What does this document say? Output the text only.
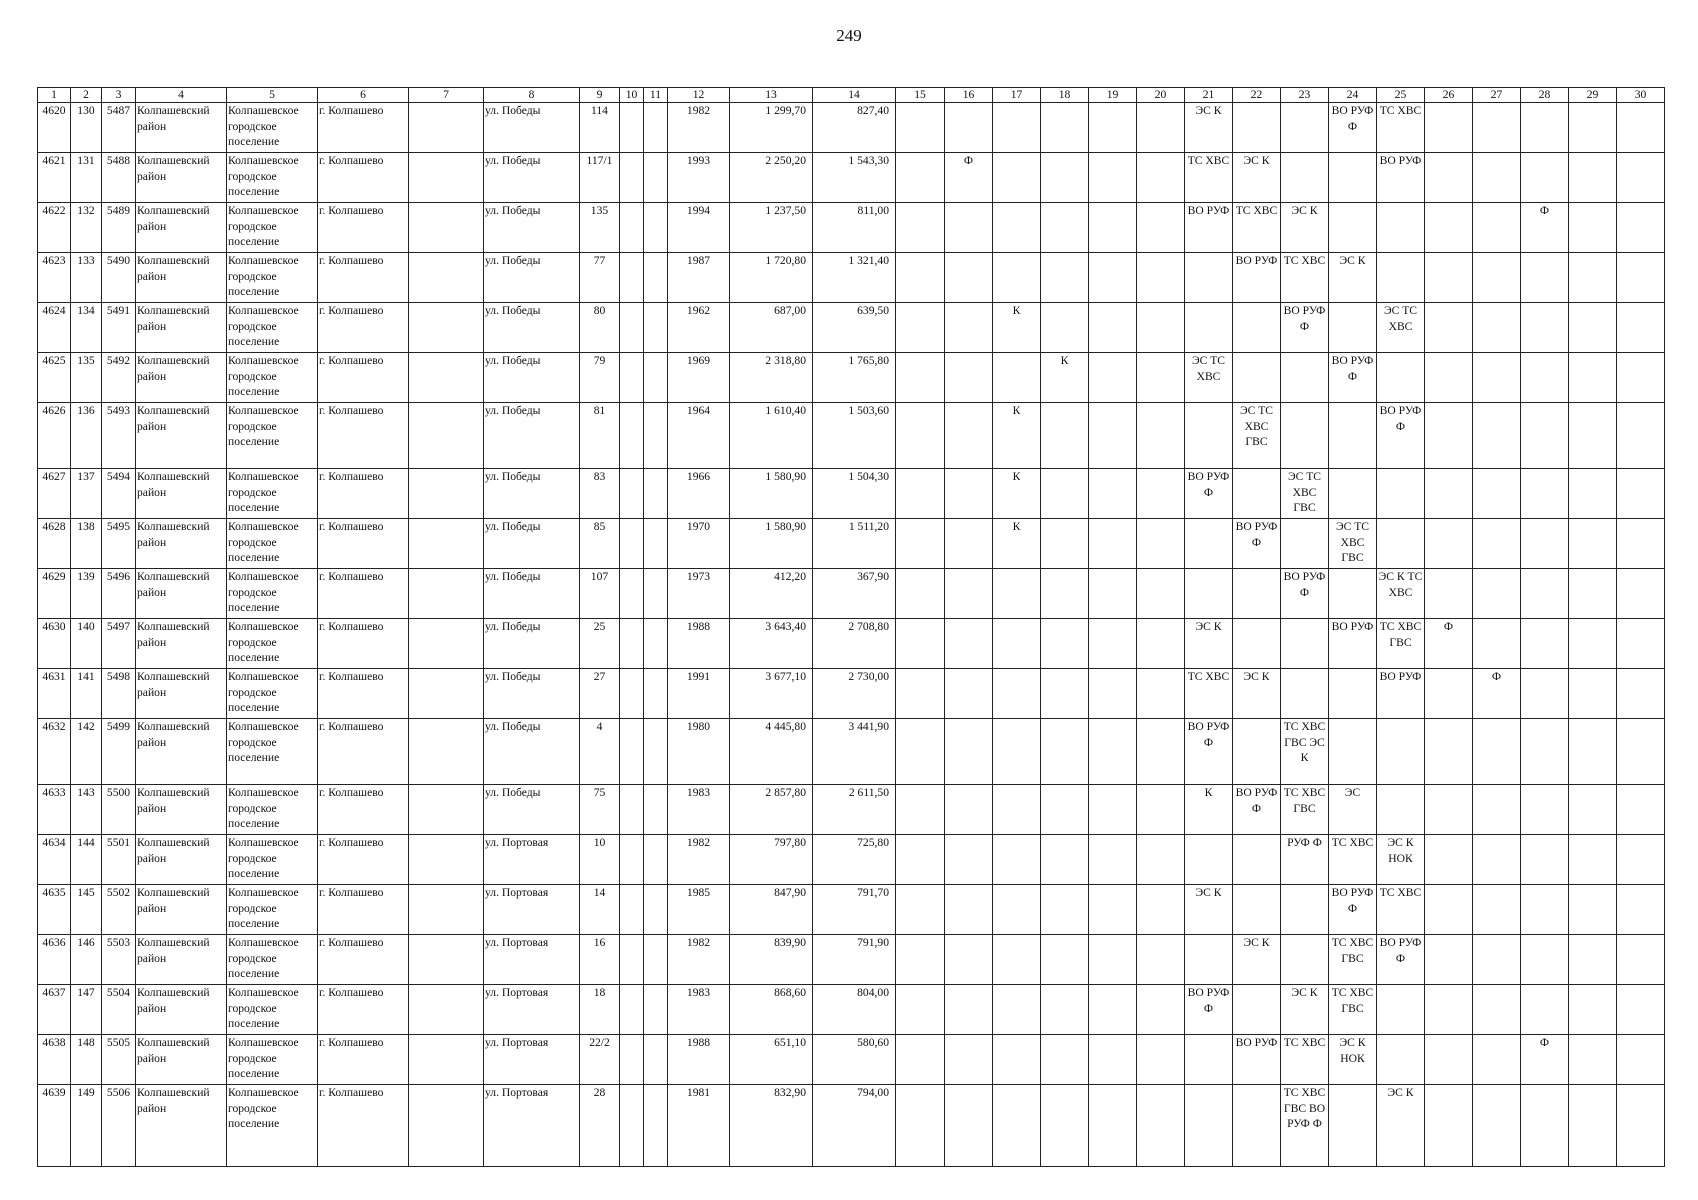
249
1	2	3	4	5	6	7	8	9	10	11	12	13	14	15	16	17	18	19	20	21	22	23	24	25	26	27	28	29	30
4620	130	5487	Колпашевский район	Колпашевское городское поселение	г. Колпашево		ул. Победы	114			1982	1 299,70	827,40							ЭС К			ВО РУФ Ф	ТС ХВС					
4621	131	5488	Колпашевский район	Колпашевское городское поселение	г. Колпашево		ул. Победы	117/1			1993	2 250,20	1 543,30		Ф					ТС ХВС	ЭС К			ВО РУФ					
4622	132	5489	Колпашевский район	Колпашевское городское поселение	г. Колпашево		ул. Победы	135			1994	1 237,50	811,00							ВО РУФ	ТС ХВС	ЭС К					Ф		
4623	133	5490	Колпашевский район	Колпашевское городское поселение	г. Колпашево		ул. Победы	77			1987	1 720,80	1 321,40								ВО РУФ	ТС ХВС	ЭС К						
4624	134	5491	Колпашевский район	Колпашевское городское поселение	г. Колпашево		ул. Победы	80			1962	687,00	639,50			К						ВО РУФ Ф		ЭС ТС ХВС					
4625	135	5492	Колпашевский район	Колпашевское городское поселение	г. Колпашево		ул. Победы	79			1969	2 318,80	1 765,80				К			ЭС ТС ХВС			ВО РУФ Ф						
4626	136	5493	Колпашевский район	Колпашевское городское поселение	г. Колпашево		ул. Победы	81			1964	1 610,40	1 503,60			К					ЭС ТС ХВС ГВС			ВО РУФ Ф					
4627	137	5494	Колпашевский район	Колпашевское городское поселение	г. Колпашево		ул. Победы	83			1966	1 580,90	1 504,30			К				ВО РУФ Ф		ЭС ТС ХВС ГВС							
4628	138	5495	Колпашевский район	Колпашевское городское поселение	г. Колпашево		ул. Победы	85			1970	1 580,90	1 511,20			К					ВО РУФ Ф		ЭС ТС ХВС ГВС						
4629	139	5496	Колпашевский район	Колпашевское городское поселение	г. Колпашево		ул. Победы	107			1973	412,20	367,90									ВО РУФ Ф		ЭС К ТС ХВС					
4630	140	5497	Колпашевский район	Колпашевское городское поселение	г. Колпашево		ул. Победы	25			1988	3 643,40	2 708,80							ЭС К			ВО РУФ	ТС ХВС ГВС	Ф				
4631	141	5498	Колпашевский район	Колпашевское городское поселение	г. Колпашево		ул. Победы	27			1991	3 677,10	2 730,00							ТС ХВС	ЭС К			ВО РУФ		Ф			
4632	142	5499	Колпашевский район	Колпашевское городское поселение	г. Колпашево		ул. Победы	4			1980	4 445,80	3 441,90							ВО РУФ Ф		ТС ХВС ГВС ЭС К							
4633	143	5500	Колпашевский район	Колпашевское городское поселение	г. Колпашево		ул. Победы	75			1983	2 857,80	2 611,50							К	ВО РУФ Ф	ТС ХВС ГВС	ЭС						
4634	144	5501	Колпашевский район	Колпашевское городское поселение	г. Колпашево		ул. Портовая	10			1982	797,80	725,80									РУФ Ф	ТС ХВС	ЭС К НОК					
4635	145	5502	Колпашевский район	Колпашевское городское поселение	г. Колпашево		ул. Портовая	14			1985	847,90	791,70							ЭС К			ВО РУФ Ф	ТС ХВС					
4636	146	5503	Колпашевский район	Колпашевское городское поселение	г. Колпашево		ул. Портовая	16			1982	839,90	791,90								ЭС К		ТС ХВС ГВС	ВО РУФ Ф					
4637	147	5504	Колпашевский район	Колпашевское городское поселение	г. Колпашево		ул. Портовая	18			1983	868,60	804,00							ВО РУФ Ф		ЭС К	ТС ХВС ГВС						
4638	148	5505	Колпашевский район	Колпашевское городское поселение	г. Колпашево		ул. Портовая	22/2			1988	651,10	580,60								ВО РУФ	ТС ХВС	ЭС К НОК				Ф		
4639	149	5506	Колпашевский район	Колпашевское городское поселение	г. Колпашево		ул. Портовая	28			1981	832,90	794,00									ТС ХВС ГВС ВО РУФ Ф		ЭС К					
